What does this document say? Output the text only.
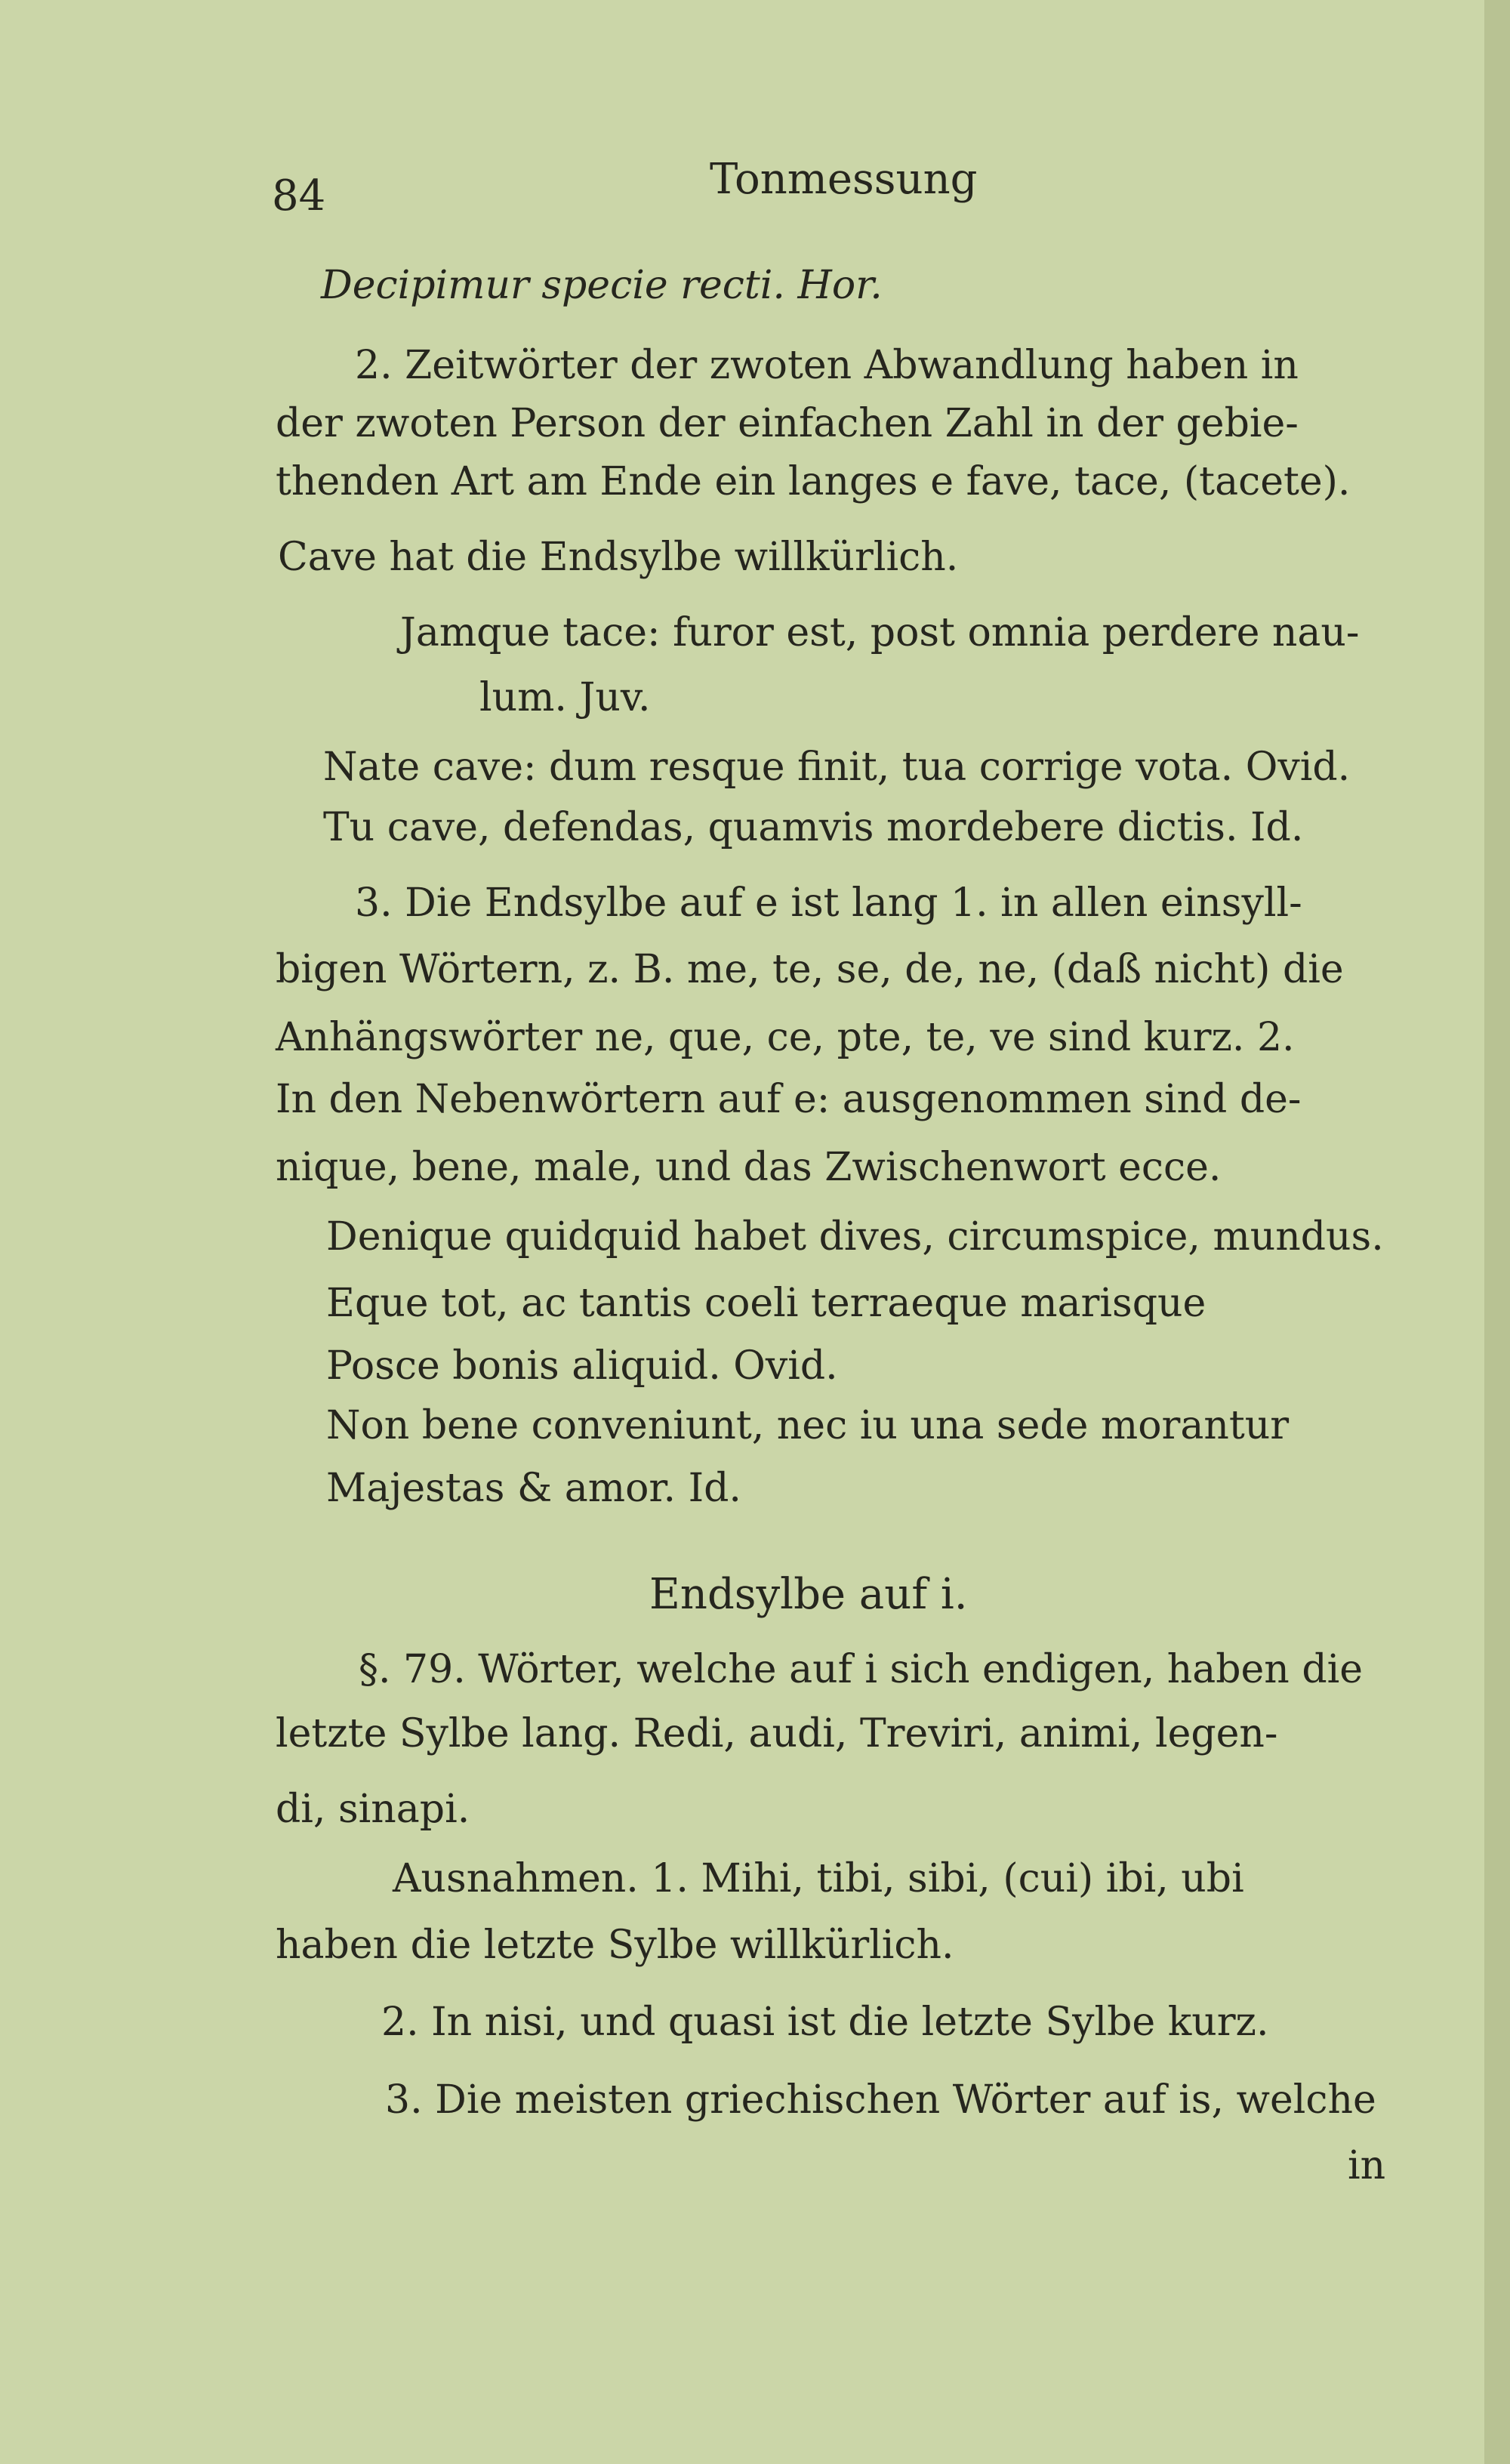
84	Tonmessung
Decipimur specie recti. Hor.
2. Zeitwörter der zwoten Abwandlung haben in
der zwoten Person der einfachen Zahl in der gebie-
thenden Art am Ende ein langes e fave, tace, (tacete).
Cave hat die Endsylbe willkürlich.
Jamque tace: furor est, post omnia perdere nau-
lum. Juv.
Nate cave: dum resque finit, tua corrige vota. Ovid.
Tu cave, defendas, quamvis mordebere dictis. Id.
3. Die Endsylbe auf e ist lang 1. in allen einsyll-
bigen Wörtern, z. B. me, te, se, de, ne, (daß nicht) die
Anhängswörter ne, que, ce, pte, te, ve sind kurz. 2.
In den Nebenwörtern auf e: ausgenommen sind de-
nique, bene, male, und das Zwischenwort ecce.
Denique quidquid habet dives, circumspice, mundus.
Eque tot, ac tantis coeli terraeque marisque
Posce bonis aliquid. Ovid.
Non bene conveniunt, nec iu una sede morantur
Majestas & amor. Id.
Endsylbe auf i.
§. 79. Wörter, welche auf i sich endigen, haben die
letzte Sylbe lang. Redi, audi, Treviri, animi, legen-
di, sinapi.
Ausnahmen. 1. Mihi, tibi, sibi, (cui) ibi, ubi
haben die letzte Sylbe willkürlich.
2. In nisi, und quasi ist die letzte Sylbe kurz.
3. Die meisten griechischen Wörter auf is, welche
in
